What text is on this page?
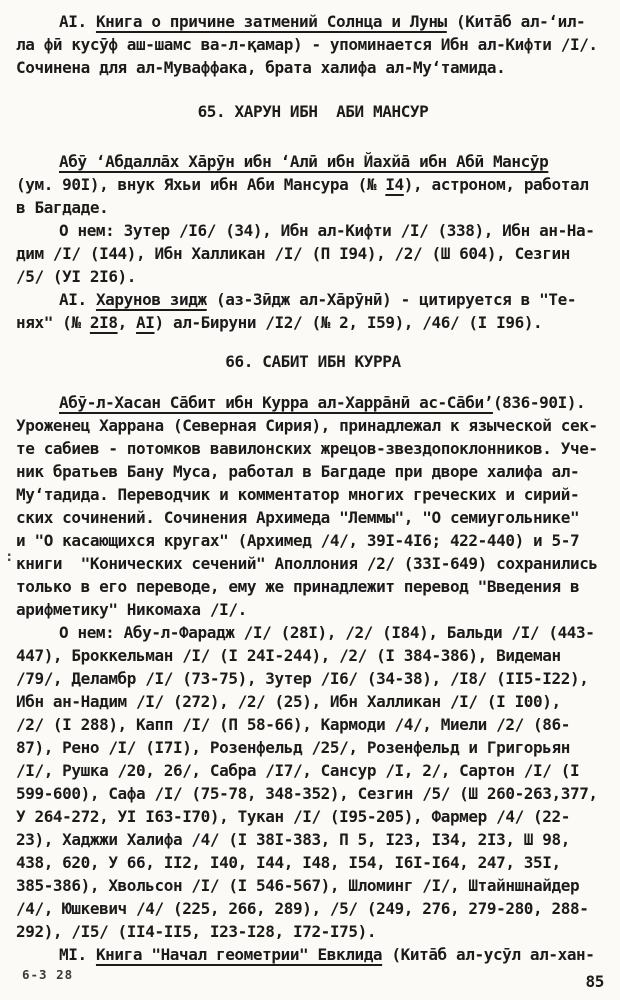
АI. Книга о причине затмений Солнца и Луны (Кита̄б ал-ʻил-
ла фӣ кусӯф аш-шамс ва-л-қамар) - упоминается Ибн ал-Кифти /I/.
Сочинена для ал-Муваффака, брата халифа ал-Муʻтамида.
65. ХАРУН ИБН  АБИ МАНСУР
Абӯ ʻАбдалла̄х Ха̄рӯн ибн ʻАлӣ ибн Йахйа̄ ибн Абӣ Мансӯр
(ум. 90I), внук Яхьи ибн Аби Мансура (№ I4), астроном, работал
в Багдаде.
О нем: Зутер /I6/ (34), Ибн ал-Кифти /I/ (338), Ибн ан-На-
дим /I/ (I44), Ибн Халликан /I/ (П I94), /2/ (Ш 604), Сезгин
/5/ (УI 2I6).
АI. Харунов зидж (аз-Зӣдж ал-Ха̄рӯнӣ) - цитируется в "Те-
нях" (№ 2I8, АI) ал-Бируни /I2/ (№ 2, I59), /46/ (I I96).
66. САБИТ ИБН КУРРА
Абӯ-л-Хасан Са̄бит ибн Курра ал-Харра̄нӣ ас-Са̄биʼ(836-90I).
Уроженец Харрана (Северная Сирия), принадлежал к языческой сек-
те сабиев - потомков вавилонских жрецов-звездопоклонников. Уче-
ник братьев Бану Муса, работал в Багдаде при дворе халифа ал-
Муʻтадида. Переводчик и комментатор многих греческих и сирий-
ских сочинений. Сочинения Архимеда "Леммы", "О семиугольнике"
и "О касающихся кругах" (Архимед /4/, 39I-4I6; 422-440) и 5-7
книги  "Конических сечений" Аполлония /2/ (33I-649) сохранились
только в его переводе, ему же принадлежит перевод "Введения в
арифметику" Никомаха /I/.
О нем: Абу-л-Фарадж /I/ (28I), /2/ (I84), Бальди /I/ (443-
447), Броккельман /I/ (I 24I-244), /2/ (I 384-386), Видеман
/79/, Деламбр /I/ (73-75), Зутер /I6/ (34-38), /I8/ (II5-I22),
Ибн ан-Надим /I/ (272), /2/ (25), Ибн Халликан /I/ (I I00),
/2/ (I 288), Капп /I/ (П 58-66), Кармоди /4/, Миели /2/ (86-
87), Рено /I/ (I7I), Розенфельд /25/, Розенфельд и Григорьян
/I/, Рушка /20, 26/, Сабра /I7/, Сансур /I, 2/, Сартон /I/ (I
599-600), Сафа /I/ (75-78, 348-352), Сезгин /5/ (Ш 260-263,377,
У 264-272, УI I63-I70), Тукан /I/ (I95-205), Фармер /4/ (22-
23), Хаджжи Халифа /4/ (I 38I-383, П 5, I23, I34, 2I3, Ш 98,
438, 620, У 66, II2, I40, I44, I48, I54, I6I-I64, 247, 35I,
385-386), Хвольсон /I/ (I 546-567), Шломинг /I/, Штайншнайдер
/4/, Юшкевич /4/ (225, 266, 289), /5/ (249, 276, 279-280, 288-
292), /I5/ (II4-II5, I23-I28, I72-I75).
МI. Книга "Начал геометрии" Евклида (Кита̄б ал-усӯл ал-хан-
6-3 28	85
:
